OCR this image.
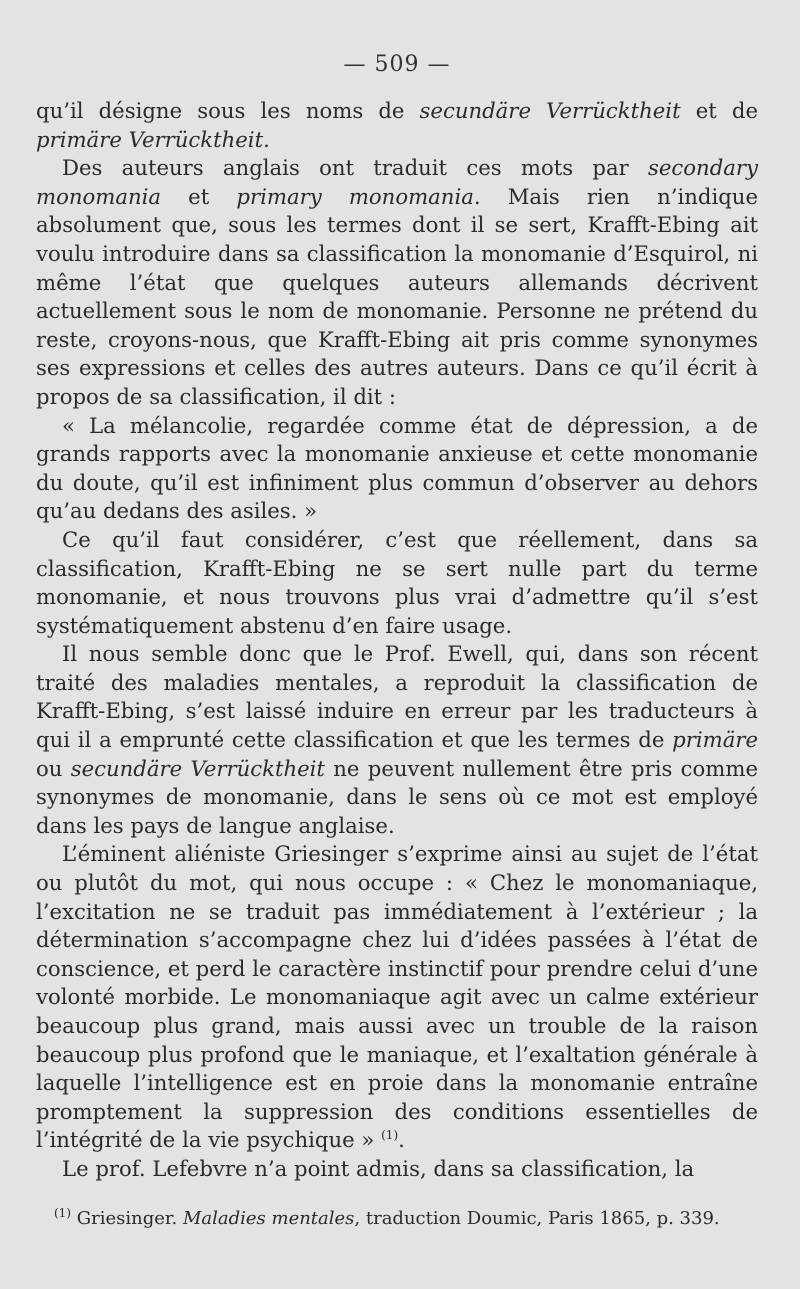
— 509 —

qu’il désigne sous les noms de secundäre Verrücktheit et de primäre Verrücktheit.

Des auteurs anglais ont traduit ces mots par secondary monomania et primary monomania. Mais rien n’indique absolument que, sous les termes dont il se sert, Krafft-Ebing ait voulu introduire dans sa classification la monomanie d’Esquirol, ni même l’état que quelques auteurs allemands décrivent actuellement sous le nom de monomanie. Personne ne prétend du reste, croyons-nous, que Krafft-Ebing ait pris comme synonymes ses expressions et celles des autres auteurs. Dans ce qu’il écrit à propos de sa classification, il dit :

« La mélancolie, regardée comme état de dépression, a de grands rapports avec la monomanie anxieuse et cette monomanie du doute, qu’il est infiniment plus commun d’observer au dehors qu’au dedans des asiles. »

Ce qu’il faut considérer, c’est que réellement, dans sa classification, Krafft-Ebing ne se sert nulle part du terme monomanie, et nous trouvons plus vrai d’admettre qu’il s’est systématiquement abstenu d’en faire usage.

Il nous semble donc que le Prof. Ewell, qui, dans son récent traité des maladies mentales, a reproduit la classification de Krafft-Ebing, s’est laissé induire en erreur par les traducteurs à qui il a emprunté cette classification et que les termes de primäre ou secundäre Verrücktheit ne peuvent nullement être pris comme synonymes de monomanie, dans le sens où ce mot est employé dans les pays de langue anglaise.

L’éminent aliéniste Griesinger s’exprime ainsi au sujet de l’état ou plutôt du mot, qui nous occupe : « Chez le monomaniaque, l’excitation ne se traduit pas immédiatement à l’extérieur ; la détermination s’accompagne chez lui d’idées passées à l’état de conscience, et perd le caractère instinctif pour prendre celui d’une volonté morbide. Le monomaniaque agit avec un calme extérieur beaucoup plus grand, mais aussi avec un trouble de la raison beaucoup plus profond que le maniaque, et l’exaltation générale à laquelle l’intelligence est en proie dans la monomanie entraîne promptement la suppression des conditions essentielles de l’intégrité de la vie psychique » $^{(1)}$.

Le prof. Lefebvre n’a point admis, dans sa classification, la

$^{(1)}$ Griesinger. Maladies mentales, traduction Doumic, Paris 1865, p. 339.
